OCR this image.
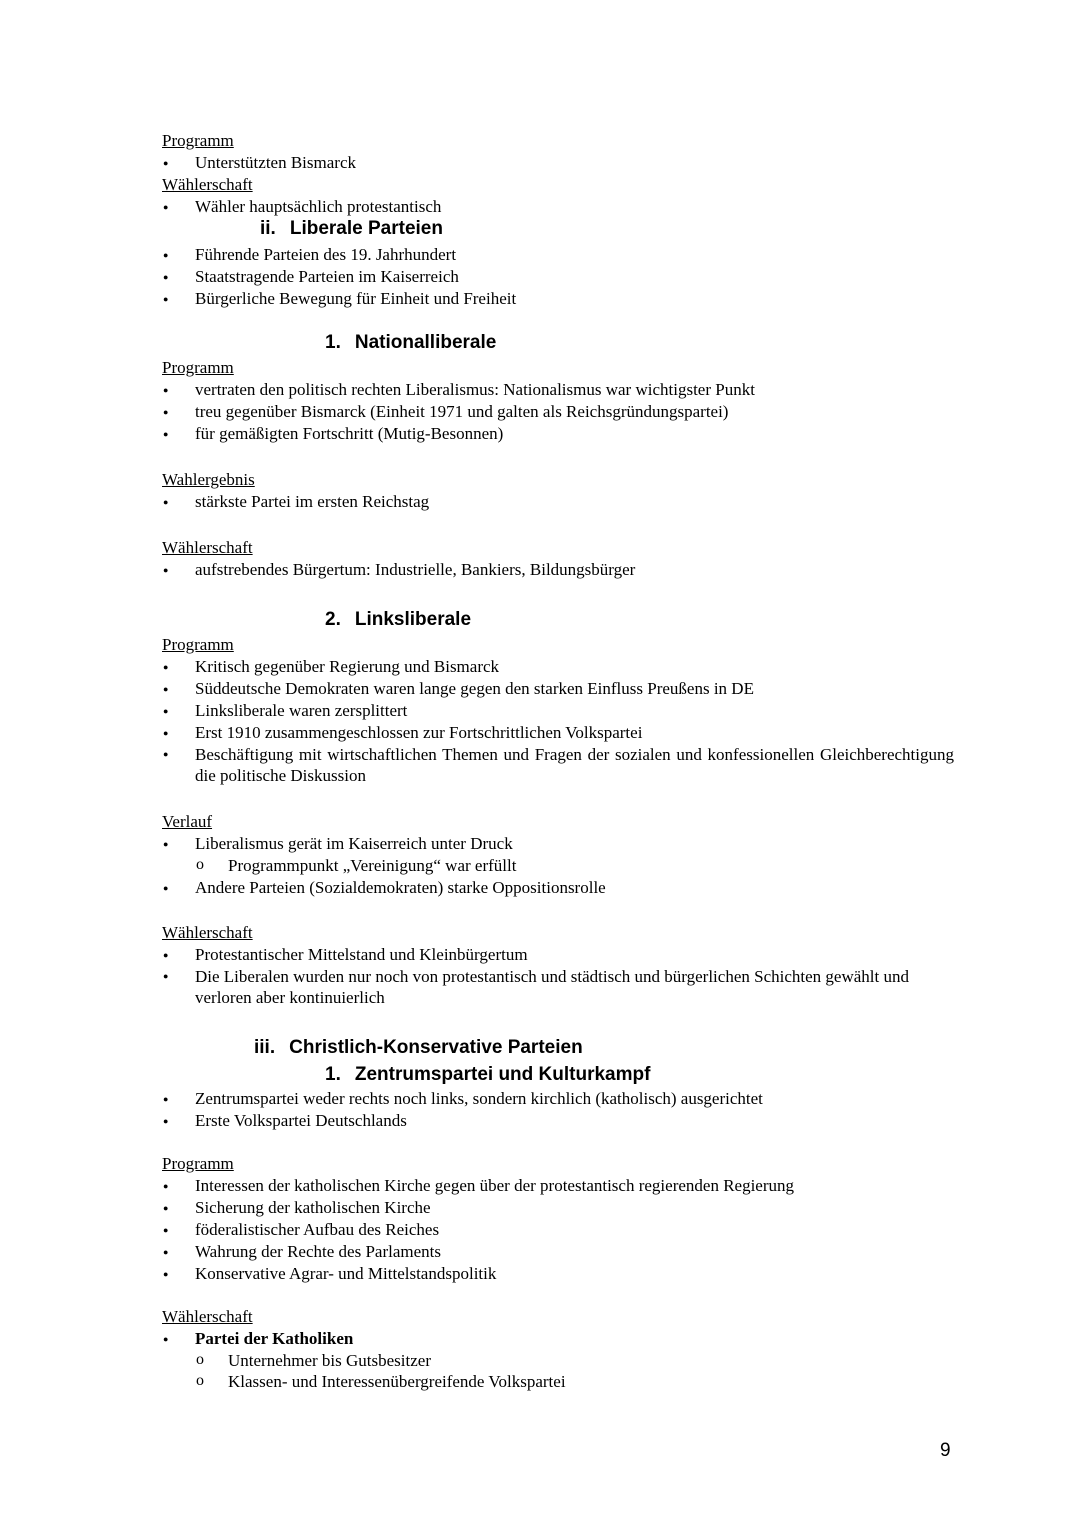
Programm
● Unterstützten Bismarck
Wählerschaft
● Wähler hauptsächlich protestantisch
ii. Liberale Parteien
● Führende Parteien des 19. Jahrhundert
● Staatstragende Parteien im Kaiserreich
● Bürgerliche Bewegung für Einheit und Freiheit
1. Nationalliberale
Programm
● vertraten den politisch rechten Liberalismus: Nationalismus war wichtigster Punkt
● treu gegenüber Bismarck (Einheit 1971 und galten als Reichsgründungspartei)
● für gemäßigten Fortschritt (Mutig-Besonnen)
Wahlergebnis
● stärkste Partei im ersten Reichstag
Wählerschaft
● aufstrebendes Bürgertum: Industrielle, Bankiers, Bildungsbürger
2. Linksliberale
Programm
● Kritisch gegenüber Regierung und Bismarck
● Süddeutsche Demokraten waren lange gegen den starken Einfluss Preußens in DE
● Linksliberale waren zersplittert
● Erst 1910 zusammengeschlossen zur Fortschrittlichen Volkspartei
● Beschäftigung mit wirtschaftlichen Themen und Fragen der sozialen und konfessionellen Gleichberechtigung die politische Diskussion
Verlauf
● Liberalismus gerät im Kaiserreich unter Druck
o Programmpunkt „Vereinigung“ war erfüllt
● Andere Parteien (Sozialdemokraten) starke Oppositionsrolle
Wählerschaft
● Protestantischer Mittelstand und Kleinbürgertum
● Die Liberalen wurden nur noch von protestantisch und städtisch und bürgerlichen Schichten gewählt und verloren aber kontinuierlich
iii. Christlich-Konservative Parteien
1. Zentrumspartei und Kulturkampf
● Zentrumspartei weder rechts noch links, sondern kirchlich (katholisch) ausgerichtet
● Erste Volkspartei Deutschlands
Programm
● Interessen der katholischen Kirche gegen über der protestantisch regierenden Regierung
● Sicherung der katholischen Kirche
● föderalistischer Aufbau des Reiches
● Wahrung der Rechte des Parlaments
● Konservative Agrar- und Mittelstandspolitik
Wählerschaft
● Partei der Katholiken
o Unternehmer bis Gutsbesitzer
o Klassen- und Interessenübergreifende Volkspartei
9
